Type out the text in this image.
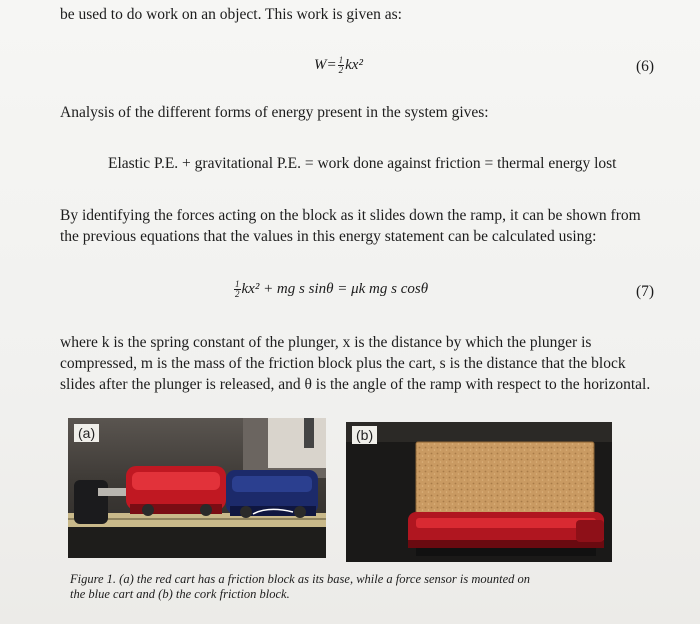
be used to do work on an object. This work is given as:
$W= \frac{1}{2} kx^2$	(6)
Analysis of the different forms of energy present in the system gives:
Elastic P.E. + gravitational P.E. = work done against friction = thermal energy lost
By identifying the forces acting on the block as it slides down the ramp, it can be shown from
the previous equations that the values in this energy statement can be calculated using:
$\frac{1}{2} kx^2$ + mg s sinθ = μk mg s cosθ	(7)
where k is the spring constant of the plunger, x is the distance by which the plunger is
compressed, m is the mass of the friction block plus the cart, s is the distance that the block
slides after the plunger is released, and θ is the angle of the ramp with respect to the horizontal.
(a)	(b)
Figure 1. (a) the red cart has a friction block as its base, while a force sensor is mounted on
the blue cart and (b) the cork friction block.
